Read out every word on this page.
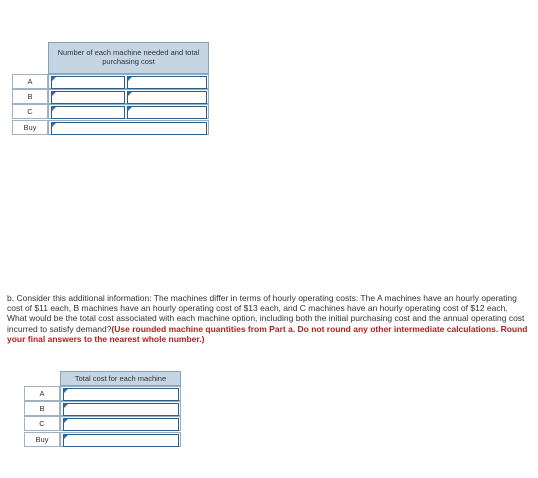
Number of each machine needed and total purchasing cost
A
B
C
Buy
b. Consider this additional information: The machines differ in terms of hourly operating costs: The A machines have an hourly operating cost of $11 each, B machines have an hourly operating cost of $13 each, and C machines have an hourly operating cost of $12 each. What would be the total cost associated with each machine option, including both the initial purchasing cost and the annual operating cost incurred to satisfy demand?(Use rounded machine quantities from Part a. Do not round any other intermediate calculations. Round your final answers to the nearest whole number.)
Total cost for each machine
A
B
C
Buy
